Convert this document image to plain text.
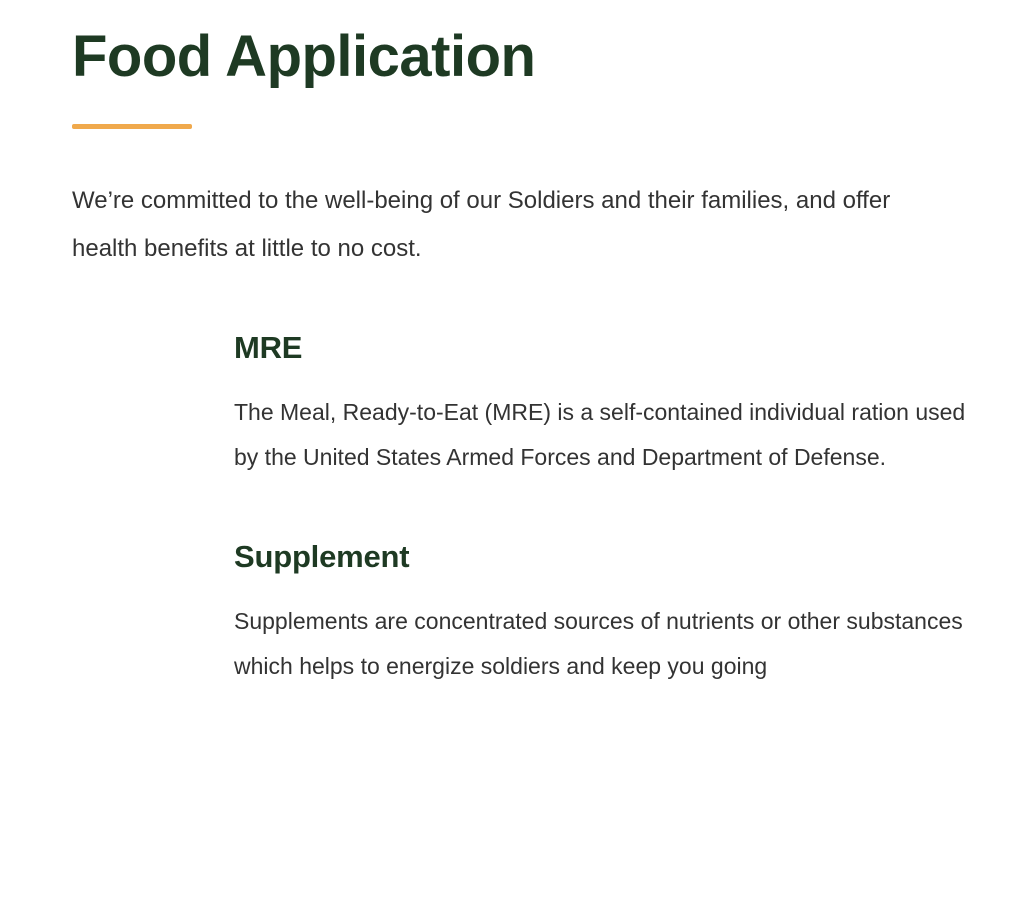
Food Application

We’re committed to the well-being of our Soldiers and their families, and offer health benefits at little to no cost.

MRE

The Meal, Ready-to-Eat (MRE) is a self-contained individual ration used by the United States Armed Forces and Department of Defense.

Supplement

Supplements are concentrated sources of nutrients or other substances which helps to energize soldiers and keep you going
